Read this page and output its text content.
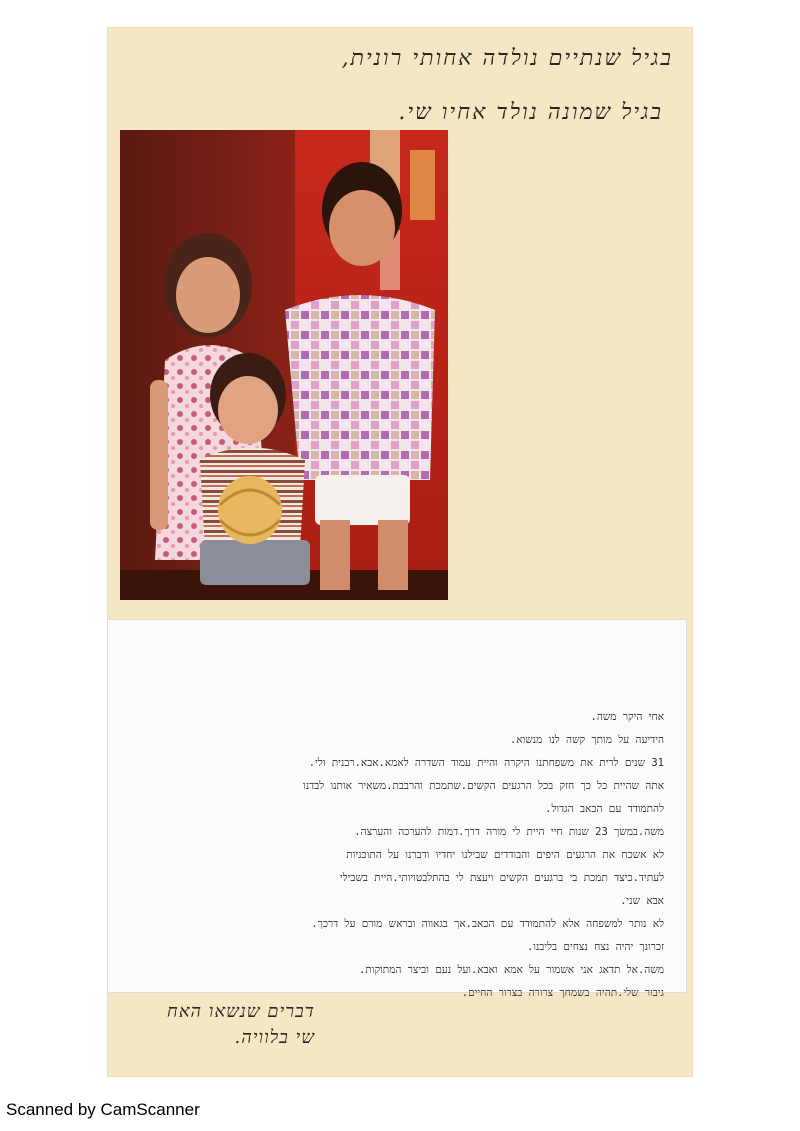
בגיל שנתיים נולדה אחותי רונית,
בגיל שמונה נולד אחיו שי.

אחי היקר משה.

הידיעה על מותך קשה לנו מנשוא.

31 שנים לרית את משפחתנו היקרה והיית עמוד השדרה לאמא.אבא.רבנית ולי.

אתה שהיית כל כך חזק בכל הרגעים הקשים.שתמכת והרבבת.משאיר אותנו לבדנו

להתמודד עם הכאב הגדול.

משה.במשך 23 שנות חיי היית לי מורה דרך.דמות להערכה והערצה.

לא אשכח את הרגעים היפים והבודדים שבילנו יחדיו ודברנו על התוכניות

לעתיד.כיצד תמכת בי ברגעים הקשים ויעצת לי בהתלבטויותי.היית בשבילי

אבא שני.

לא נותר למשפחה אלא להתמודד עם הכאב.אך בגאווה ובראש מורם על דרכך.

זכרונך יהיה נצח נצחים בליבנו.

משה.אל תדאג אני אשמור על אמא ואבא.ועל נעם וביצר המתוקות.

גיבור שלי.תהיה בשמחך צרורה בצרור החיים.

דברים שנשאו האח
שי בלוויה.
Scanned by CamScanner
